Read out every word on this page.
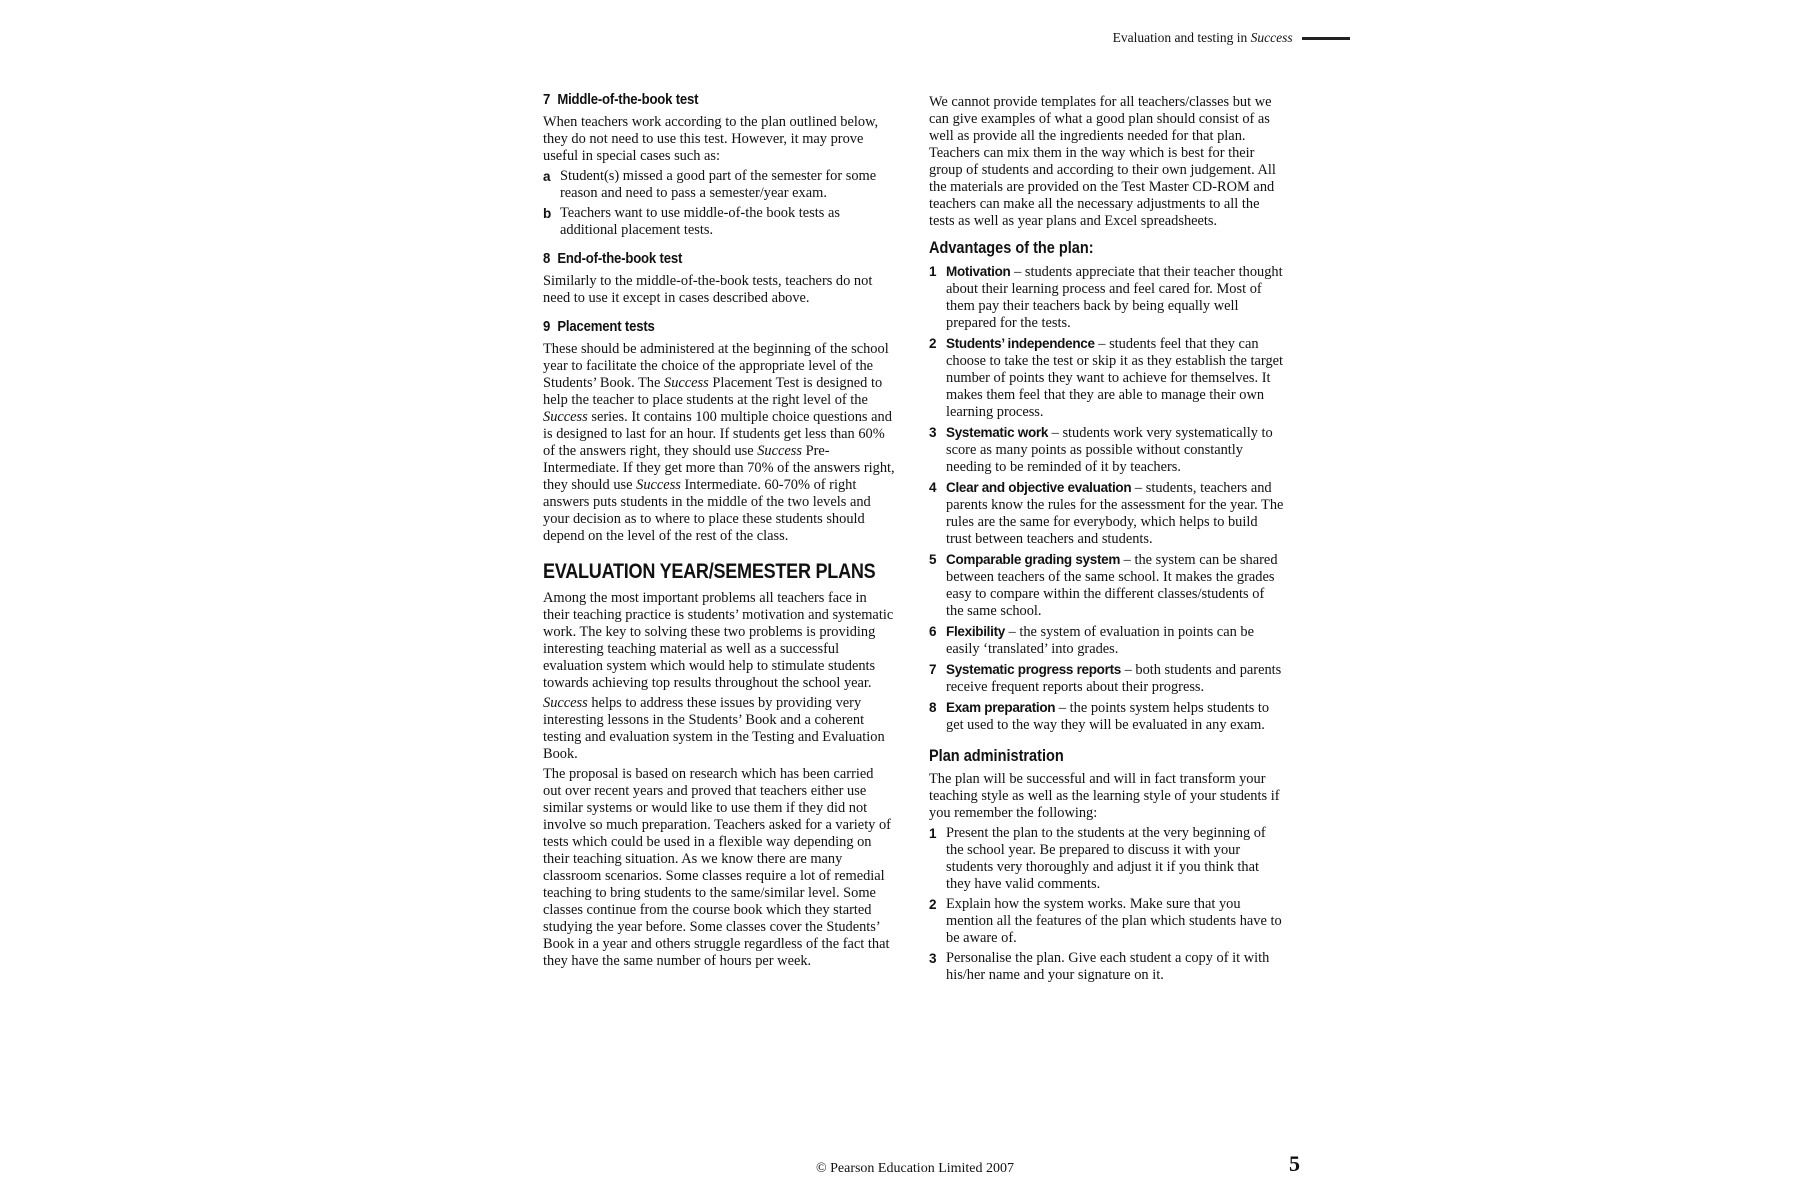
Evaluation and testing in Success
7 Middle-of-the-book test

When teachers work according to the plan outlined below, they do not need to use this test. However, it may prove useful in special cases such as:

a Student(s) missed a good part of the semester for some reason and need to pass a semester/year exam.
b Teachers want to use middle-of-the book tests as additional placement tests.
8 End-of-the-book test

Similarly to the middle-of-the-book tests, teachers do not need to use it except in cases described above.

9 Placement tests

These should be administered at the beginning of the school year to facilitate the choice of the appropriate level of the Students’ Book. The Success Placement Test is designed to help the teacher to place students at the right level of the Success series. It contains 100 multiple choice questions and is designed to last for an hour. If students get less than 60% of the answers right, they should use Success Pre-Intermediate. If they get more than 70% of the answers right, they should use Success Intermediate. 60-70% of right answers puts students in the middle of the two levels and your decision as to where to place these students should depend on the level of the rest of the class.

EVALUATION YEAR/SEMESTER PLANS

Among the most important problems all teachers face in their teaching practice is students’ motivation and systematic work. The key to solving these two problems is providing interesting teaching material as well as a successful evaluation system which would help to stimulate students towards achieving top results throughout the school year.

Success helps to address these issues by providing very interesting lessons in the Students’ Book and a coherent testing and evaluation system in the Testing and Evaluation Book.

The proposal is based on research which has been carried out over recent years and proved that teachers either use similar systems or would like to use them if they did not involve so much preparation. Teachers asked for a variety of tests which could be used in a flexible way depending on their teaching situation. As we know there are many classroom scenarios. Some classes require a lot of remedial teaching to bring students to the same/similar level. Some classes continue from the course book which they started studying the year before. Some classes cover the Students’ Book in a year and others struggle regardless of the fact that they have the same number of hours per week.

We cannot provide templates for all teachers/classes but we can give examples of what a good plan should consist of as well as provide all the ingredients needed for that plan. Teachers can mix them in the way which is best for their group of students and according to their own judgement. All the materials are provided on the Test Master CD-ROM and teachers can make all the necessary adjustments to all the tests as well as year plans and Excel spreadsheets.

Advantages of the plan:
1 Motivation – students appreciate that their teacher thought about their learning process and feel cared for. Most of them pay their teachers back by being equally well prepared for the tests.
2 Students’ independence – students feel that they can choose to take the test or skip it as they establish the target number of points they want to achieve for themselves. It makes them feel that they are able to manage their own learning process.
3 Systematic work – students work very systematically to score as many points as possible without constantly needing to be reminded of it by teachers.
4 Clear and objective evaluation – students, teachers and parents know the rules for the assessment for the year. The rules are the same for everybody, which helps to build trust between teachers and students.
5 Comparable grading system – the system can be shared between teachers of the same school. It makes the grades easy to compare within the different classes/students of the same school.
6 Flexibility – the system of evaluation in points can be easily ‘translated’ into grades.
7 Systematic progress reports – both students and parents receive frequent reports about their progress.
8 Exam preparation – the points system helps students to get used to the way they will be evaluated in any exam.
Plan administration

The plan will be successful and will in fact transform your teaching style as well as the learning style of your students if you remember the following:

1 Present the plan to the students at the very beginning of the school year. Be prepared to discuss it with your students very thoroughly and adjust it if you think that they have valid comments.
2 Explain how the system works. Make sure that you mention all the features of the plan which students have to be aware of.
3 Personalise the plan. Give each student a copy of it with his/her name and your signature on it.
© Pearson Education Limited 2007	5
